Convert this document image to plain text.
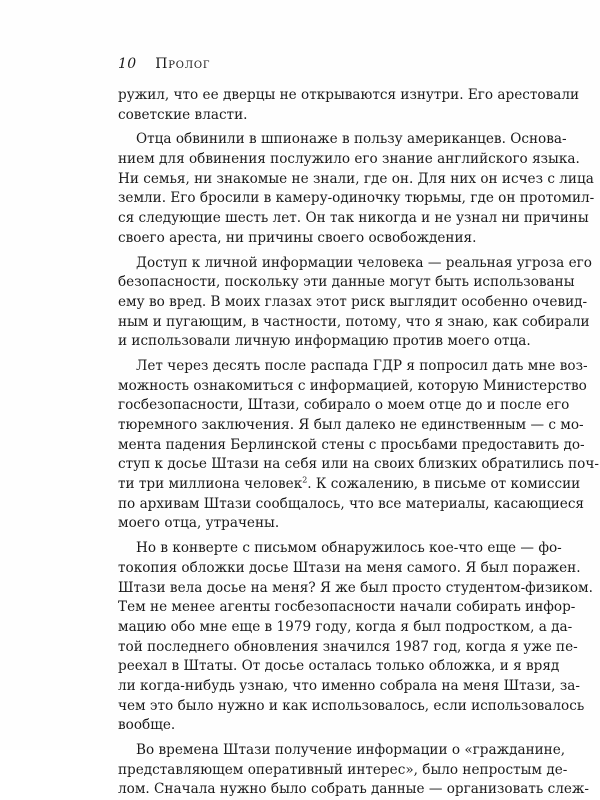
10 Пролог
ружил, что ее дверцы не открываются изнутри. Его арестовали
советские власти.
Отца обвинили в шпионаже в пользу американцев. Основа-
нием для обвинения послужило его знание английского языка.
Ни семья, ни знакомые не знали, где он. Для них он исчез с лица
земли. Его бросили в камеру-одиночку тюрьмы, где он протомил-
ся следующие шесть лет. Он так никогда и не узнал ни причины
своего ареста, ни причины своего освобождения.
Доступ к личной информации человека — реальная угроза его
безопасности, поскольку эти данные могут быть использованы
ему во вред. В моих глазах этот риск выглядит особенно очевид-
ным и пугающим, в частности, потому, что я знаю, как собирали
и использовали личную информацию против моего отца.
Лет через десять после распада ГДР я попросил дать мне воз-
можность ознакомиться с информацией, которую Министерство
госбезопасности, Штази, собирало о моем отце до и после его
тюремного заключения. Я был далеко не единственным — с мо-
мента падения Берлинской стены с просьбами предоставить до-
ступ к досье Штази на себя или на своих близких обратились поч-
ти три миллиона человек$^2$. К сожалению, в письме от комиссии
по архивам Штази сообщалось, что все материалы, касающиеся
моего отца, утрачены.
Но в конверте с письмом обнаружилось кое-что еще — фо-
токопия обложки досье Штази на меня самого. Я был поражен.
Штази вела досье на меня? Я же был просто студентом-физиком.
Тем не менее агенты госбезопасности начали собирать инфор-
мацию обо мне еще в 1979 году, когда я был подростком, а да-
той последнего обновления значился 1987 год, когда я уже пе-
реехал в Штаты. От досье осталась только обложка, и я вряд
ли когда-нибудь узнаю, что именно собрала на меня Штази, за-
чем это было нужно и как использовалось, если использовалось
вообще.
Во времена Штази получение информации о «гражданине,
представляющем оперативный интерес», было непростым де-
лом. Сначала нужно было собрать данные — организовать слеж-
